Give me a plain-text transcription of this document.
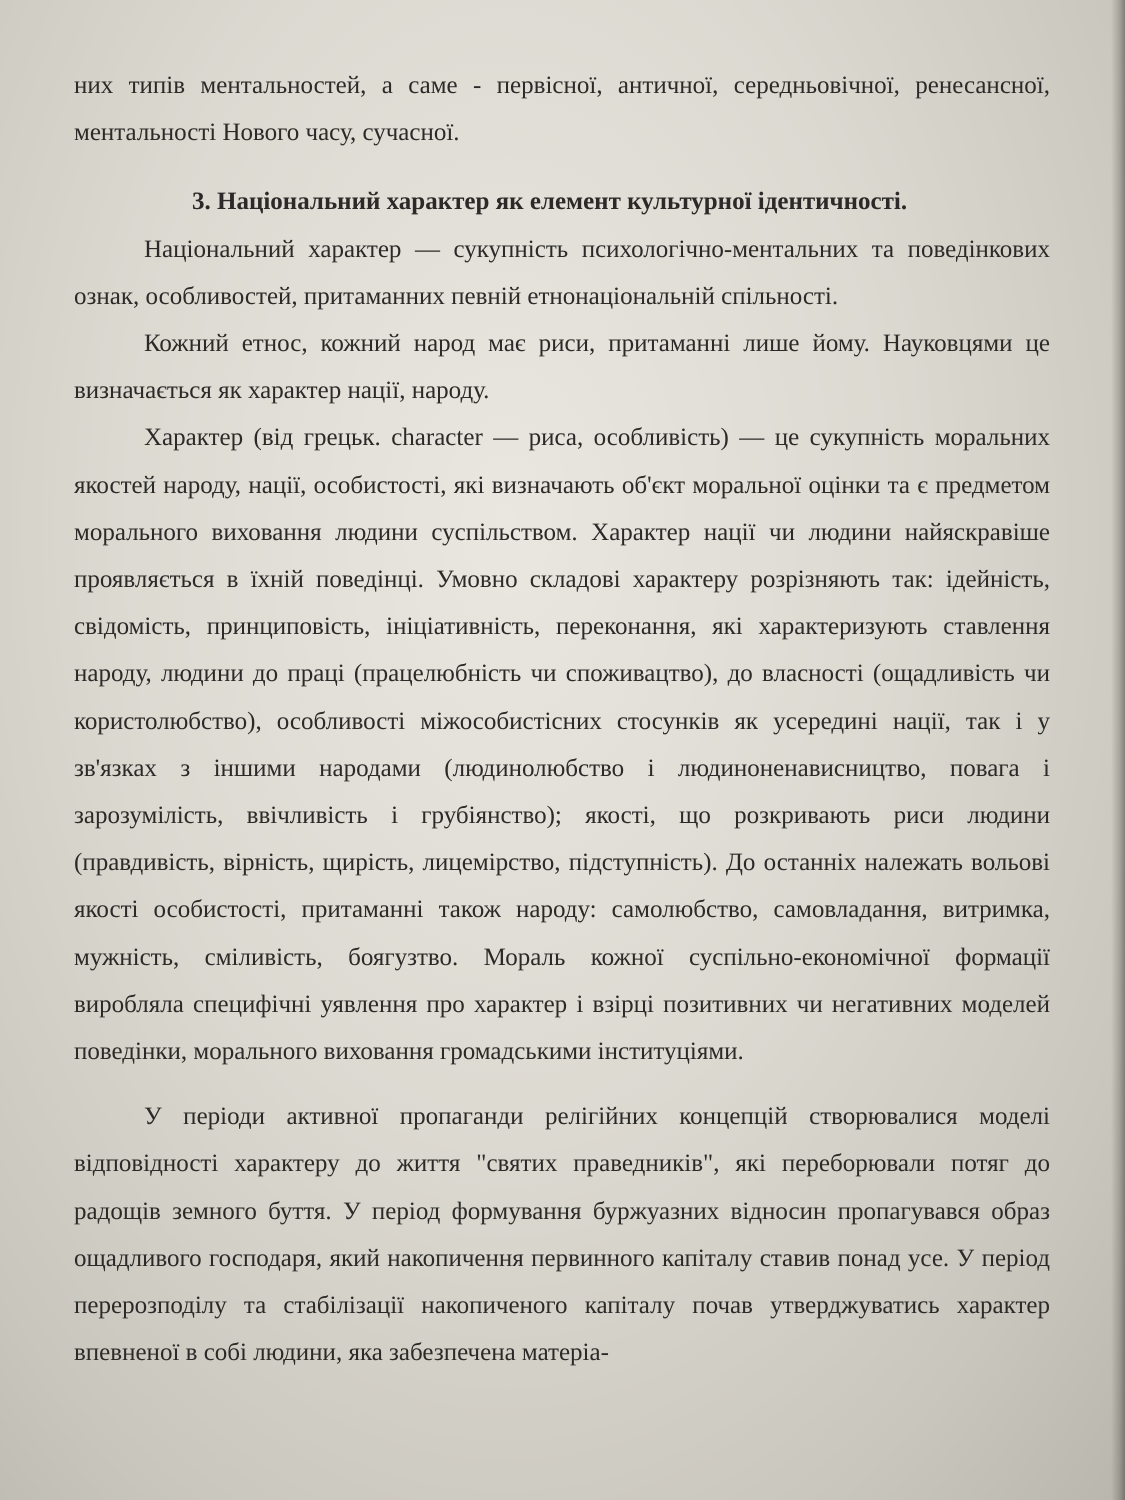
них типів ментальностей, а саме - первісної, античної, середньовічної, ренесансної, ментальності Нового часу, сучасної.

3. Національний характер як елемент культурної ідентичності.

Національний характер — сукупність психологічно-ментальних та поведінкових ознак, особливостей, притаманних певній етнонаціональній спільності.

Кожний етнос, кожний народ має риси, притаманні лише йому. Науковцями це визначається як характер нації, народу.

Характер (від грецьк. character — риса, особливість) — це сукупність моральних якостей народу, нації, особистості, які визначають об'єкт моральної оцінки та є предметом морального виховання людини суспільством. Характер нації чи людини найяскравіше проявляється в їхній поведінці. Умовно складові характеру розрізняють так: ідейність, свідомість, принциповість, ініціативність, переконання, які характеризують ставлення народу, людини до праці (працелюбність чи споживацтво), до власності (ощадливість чи користолюбство), особливості міжособистісних стосунків як усередині нації, так і у зв'язках з іншими народами (людинолюбство і людиноненависництво, повага і зарозумілість, ввічливість і грубіянство); якості, що розкривають риси людини (правдивість, вірність, щирість, лицемірство, підступність). До останніх належать вольові якості особистості, притаманні також народу: самолюбство, самовладання, витримка, мужність, сміливість, боягузтво. Мораль кожної суспільно-економічної формації виробляла специфічні уявлення про характер і взірці позитивних чи негативних моделей поведінки, морального виховання громадськими інституціями.

У періоди активної пропаганди релігійних концепцій створювалися моделі відповідності характеру до життя "святих праведників", які переборювали потяг до радощів земного буття. У період формування буржуазних відносин пропагувався образ ощадливого господаря, який накопичення первинного капіталу ставив понад усе. У період перерозподілу та стабілізації накопиченого капіталу почав утверджуватись характер впевненої в собі людини, яка забезпечена матеріа-
